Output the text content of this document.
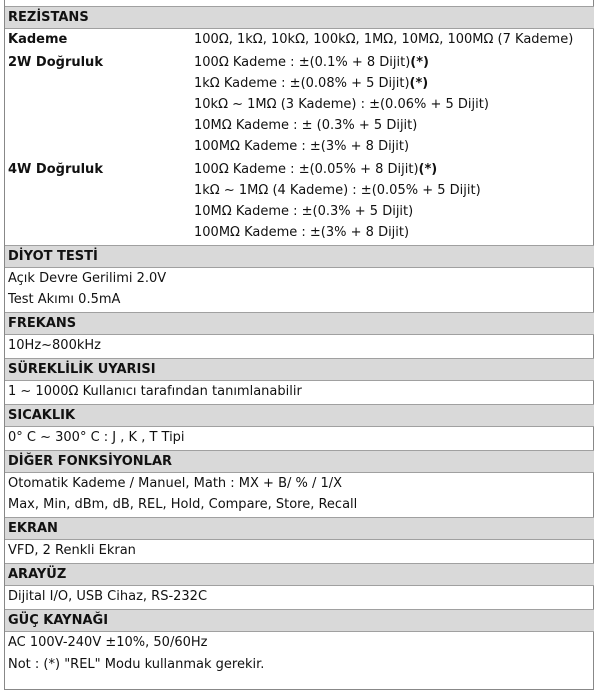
REZİSTANS
Kademe	100Ω, 1kΩ, 10kΩ, 100kΩ, 1MΩ, 10MΩ, 100MΩ (7 Kademe)
2W Doğruluk	100Ω Kademe : ±(0.1% + 8 Dijit)(*)
1kΩ Kademe : ±(0.08% + 5 Dijit)(*)
10kΩ ~ 1MΩ (3 Kademe) : ±(0.06% + 5 Dijit)
10MΩ Kademe : ± (0.3% + 5 Dijit)
100MΩ Kademe : ±(3% + 8 Dijit)
4W Doğruluk	100Ω Kademe : ±(0.05% + 8 Dijit)(*)
1kΩ ~ 1MΩ (4 Kademe) : ±(0.05% + 5 Dijit)
10MΩ Kademe : ±(0.3% + 5 Dijit)
100MΩ Kademe : ±(3% + 8 Dijit)
DİYOT TESTİ
Açık Devre Gerilimi 2.0V
Test Akımı 0.5mA
FREKANS
10Hz~800kHz
SÜREKLİLİK UYARISI
1 ~ 1000Ω Kullanıcı tarafından tanımlanabilir
SICAKLIK
0° C ~ 300° C : J , K , T Tipi
DİĞER FONKSİYONLAR
Otomatik Kademe / Manuel, Math : MX + B/ % / 1/X
Max, Min, dBm, dB, REL, Hold, Compare, Store, Recall
EKRAN
VFD, 2 Renkli Ekran
ARAYÜZ
Dijital I/O, USB Cihaz, RS-232C
GÜÇ KAYNAĞI
AC 100V-240V ±10%, 50/60Hz
Not : (*) "REL" Modu kullanmak gerekir.
